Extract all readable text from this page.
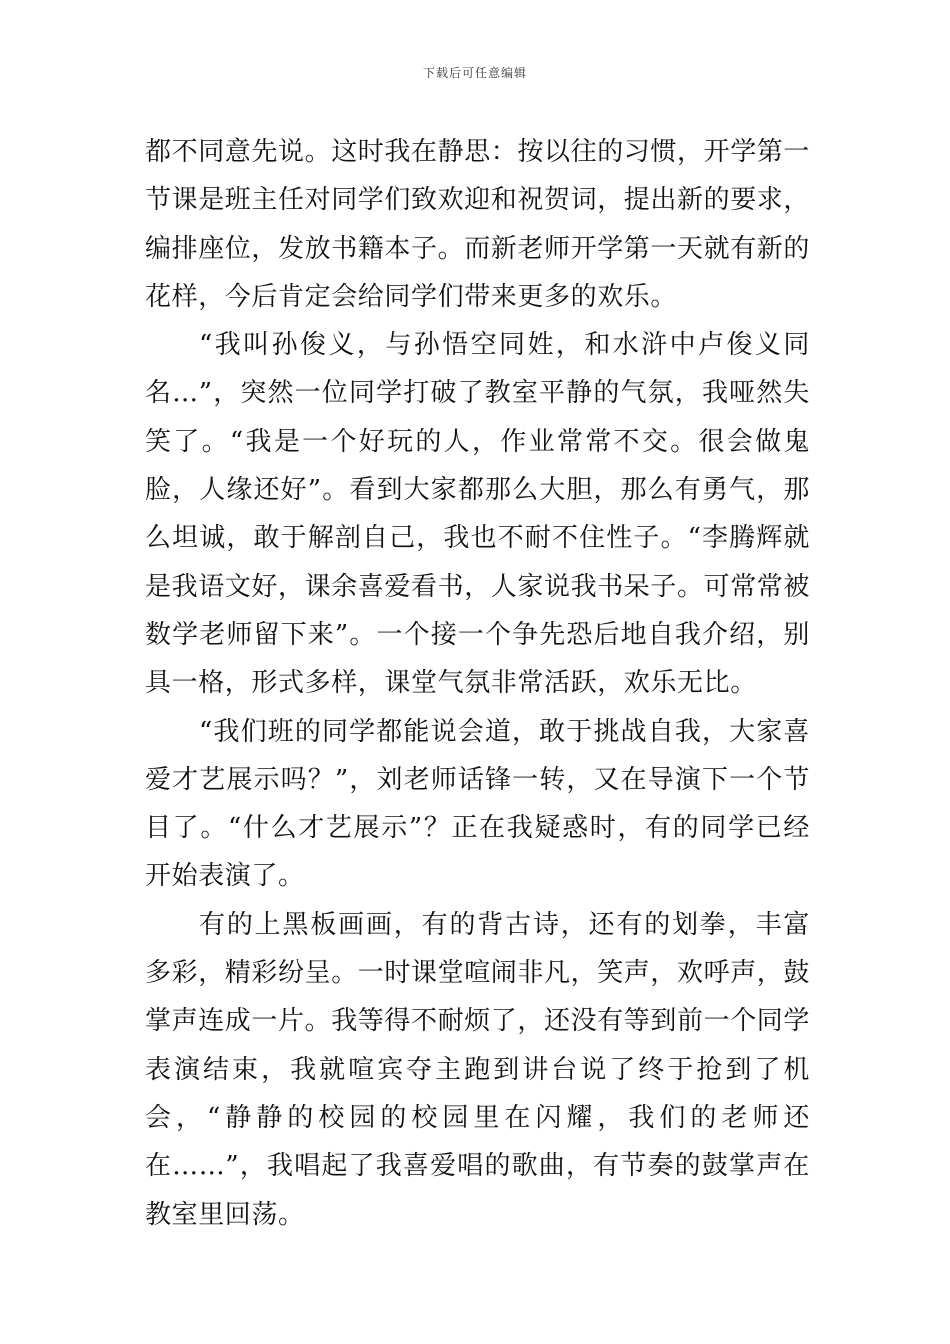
下载后可任意编辑

都不同意先说。这时我在静思：按以往的习惯，开学第一节课是班主任对同学们致欢迎和祝贺词，提出新的要求，编排座位，发放书籍本子。而新老师开学第一天就有新的花样，今后肯定会给同学们带来更多的欢乐。

“我叫孙俊义，与孙悟空同姓，和水浒中卢俊义同名…”，突然一位同学打破了教室平静的气氛，我哑然失笑了。“我是一个好玩的人，作业常常不交。很会做鬼脸，人缘还好”。看到大家都那么大胆，那么有勇气，那么坦诚，敢于解剖自己，我也不耐不住性子。“李腾辉就是我语文好，课余喜爱看书，人家说我书呆子。可常常被数学老师留下来”。一个接一个争先恐后地自我介绍，别具一格，形式多样，课堂气氛非常活跃，欢乐无比。

“我们班的同学都能说会道，敢于挑战自我，大家喜爱才艺展示吗？”，刘老师话锋一转，又在导演下一个节目了。“什么才艺展示”？正在我疑惑时，有的同学已经开始表演了。

有的上黑板画画，有的背古诗，还有的划拳，丰富多彩，精彩纷呈。一时课堂喧闹非凡，笑声，欢呼声，鼓掌声连成一片。我等得不耐烦了，还没有等到前一个同学表演结束，我就喧宾夺主跑到讲台说了终于抢到了机会，“静静的校园的校园里在闪耀，我们的老师还在……”，我唱起了我喜爱唱的歌曲，有节奏的鼓掌声在教室里回荡。
